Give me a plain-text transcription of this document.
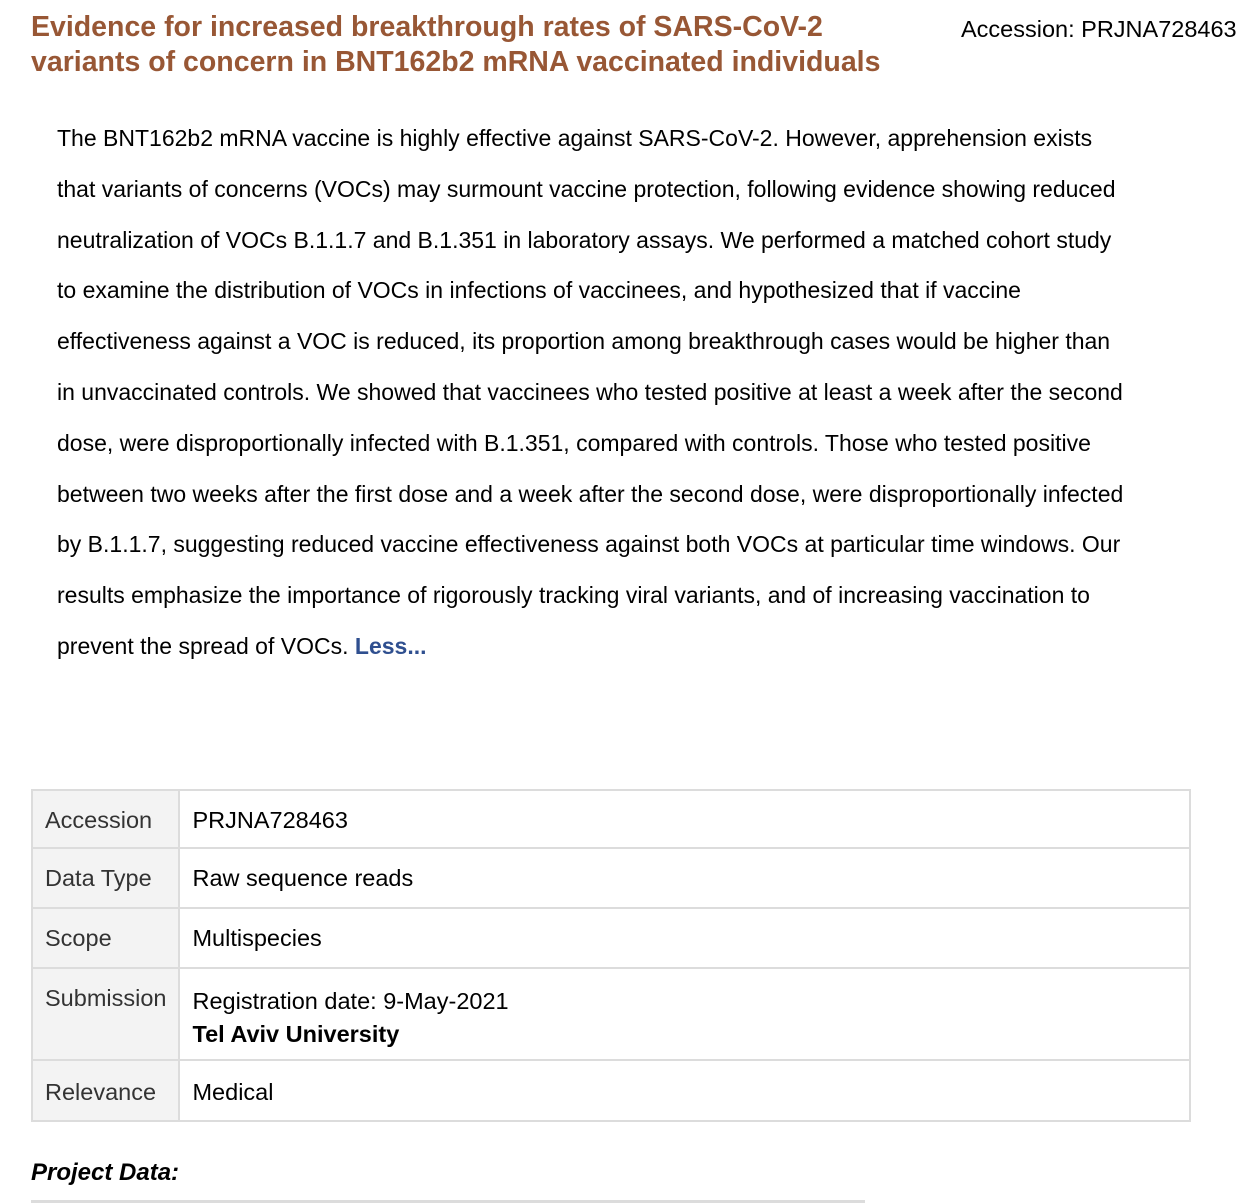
Evidence for increased breakthrough rates of SARS-CoV-2
variants of concern in BNT162b2 mRNA vaccinated individuals
Accession: PRJNA728463

The BNT162b2 mRNA vaccine is highly effective against SARS-CoV-2. However, apprehension exists that variants of concerns (VOCs) may surmount vaccine protection, following evidence showing reduced neutralization of VOCs B.1.1.7 and B.1.351 in laboratory assays. We performed a matched cohort study to examine the distribution of VOCs in infections of vaccinees, and hypothesized that if vaccine effectiveness against a VOC is reduced, its proportion among breakthrough cases would be higher than in unvaccinated controls. We showed that vaccinees who tested positive at least a week after the second dose, were disproportionally infected with B.1.351, compared with controls. Those who tested positive between two weeks after the first dose and a week after the second dose, were disproportionally infected by B.1.1.7, suggesting reduced vaccine effectiveness against both VOCs at particular time windows. Our results emphasize the importance of rigorously tracking viral variants, and of increasing vaccination to prevent the spread of VOCs. Less...

Accession	PRJNA728463
Data Type	Raw sequence reads
Scope	Multispecies
Submission	Registration date: 9-May-2021
Tel Aviv University

Relevance	Medical
Project Data:
